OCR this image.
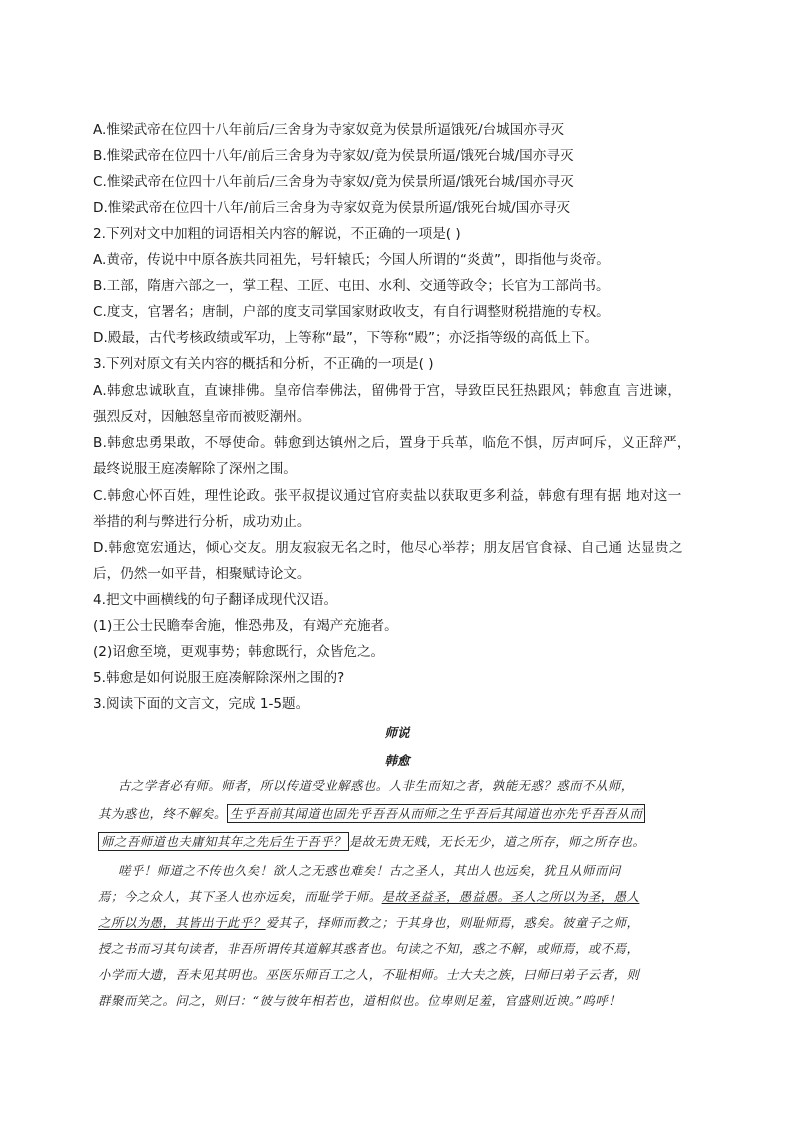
A.惟梁武帝在位四十八年前后/三舍身为寺家奴竟为侯景所逼饿死/台城国亦寻灭
B.惟梁武帝在位四十八年/前后三舍身为寺家奴/竟为侯景所逼/饿死台城/国亦寻灭
C.惟梁武帝在位四十八年前后/三舍身为寺家奴/竟为侯景所逼/饿死台城/国亦寻灭
D.惟梁武帝在位四十八年/前后三舍身为寺家奴竟为侯景所逼/饿死台城/国亦寻灭
2.下列对文中加粗的词语相关内容的解说，不正确的一项是( )
A.黄帝，传说中中原各族共同祖先，号轩辕氏；今国人所谓的“炎黄”，即指他与炎帝。
B.工部，隋唐六部之一，掌工程、工匠、屯田、水利、交通等政令；长官为工部尚书。
C.度支，官署名；唐制，户部的度支司掌国家财政收支，有自行调整财税措施的专权。
D.殿最，古代考核政绩或军功，上等称“最”，下等称“殿”；亦泛指等级的高低上下。
3.下列对原文有关内容的概括和分析，不正确的一项是( )
A.韩愈忠诚耿直，直谏排佛。皇帝信奉佛法，留佛骨于宫，导致臣民狂热跟风；韩愈直 言进谏，
强烈反对，因触怒皇帝而被贬潮州。
B.韩愈忠勇果敢，不辱使命。韩愈到达镇州之后，置身于兵革，临危不惧，厉声呵斥，义正辞严，
最终说服王庭凑解除了深州之围。
C.韩愈心怀百姓，理性论政。张平叔提议通过官府卖盐以获取更多利益，韩愈有理有据 地对这一
举措的利与弊进行分析，成功劝止。
D.韩愈宽宏通达，倾心交友。朋友寂寂无名之时，他尽心举荐；朋友居官食禄、自己通 达显贵之
后，仍然一如平昔，相聚赋诗论文。
4.把文中画横线的句子翻译成现代汉语。
(1)王公士民瞻奉舍施，惟恐弗及，有竭产充施者。
(2)诏愈至境，更观事势；韩愈既行，众皆危之。
5.韩愈是如何说服王庭凑解除深州之围的?
3.阅读下面的文言文，完成 1-5题。
师说
韩愈
古之学者必有师。师者，所以传道受业解惑也。人非生而知之者，孰能无惑？惑而不从师，
其为惑也，终不解矣。 生乎吾前其闻道也固先乎吾吾从而师之生乎吾后其闻道也亦先乎吾吾从而
师之吾师道也夫庸知其年之先后生于吾乎？ 是故无贵无贱，无长无少，道之所存，师之所存也。
嗟乎！师道之不传也久矣！欲人之无惑也难矣！古之圣人，其出人也远矣，犹且从师而问
焉；今之众人，其下圣人也亦远矣，而耻学于师。是故圣益圣，愚益愚。圣人之所以为圣，愚人
之所以为愚，其皆出于此乎？爱其子，择师而教之；于其身也，则耻师焉，惑矣。彼童子之师，
授之书而习其句读者，非吾所谓传其道解其惑者也。句读之不知，惑之不解，或师焉，或不焉，
小学而大遗，吾未见其明也。巫医乐师百工之人，不耻相师。士大夫之族，曰师曰弟子云者，则
群聚而笑之。问之，则曰：“彼与彼年相若也，道相似也。位卑则足羞，官盛则近谀。”呜呼！
